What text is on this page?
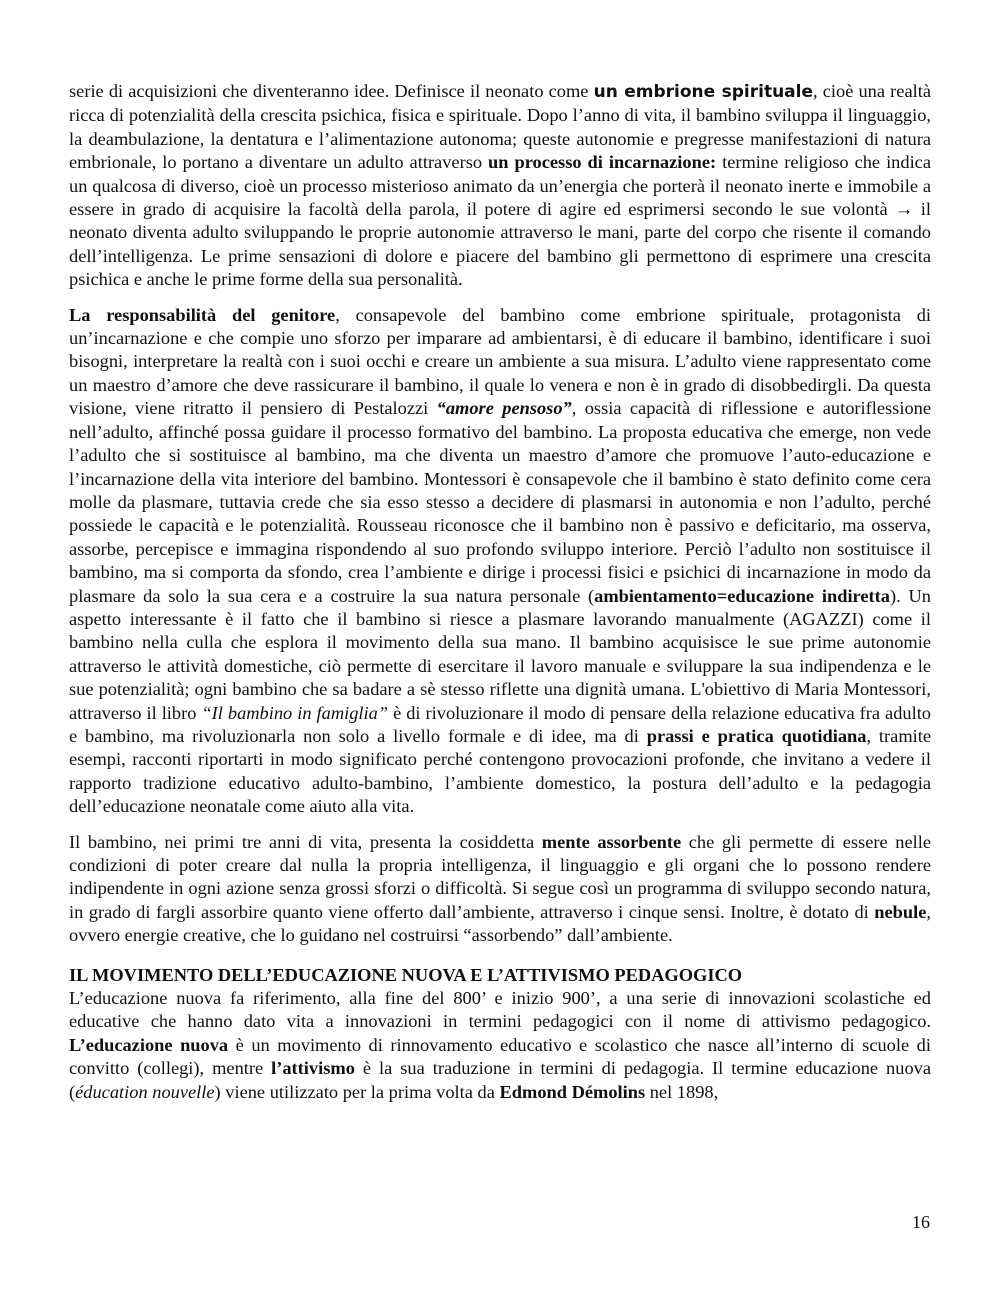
serie di acquisizioni che diventeranno idee. Definisce il neonato come un embrione spirituale, cioè una realtà ricca di potenzialità della crescita psichica, fisica e spirituale. Dopo l’anno di vita, il bambino sviluppa il linguaggio, la deambulazione, la dentatura e l’alimentazione autonoma; queste autonomie e pregresse manifestazioni di natura embrionale, lo portano a diventare un adulto attraverso un processo di incarnazione: termine religioso che indica un qualcosa di diverso, cioè un processo misterioso animato da un’energia che porterà il neonato inerte e immobile a essere in grado di acquisire la facoltà della parola, il potere di agire ed esprimersi secondo le sue volontà → il neonato diventa adulto sviluppando le proprie autonomie attraverso le mani, parte del corpo che risente il comando dell’intelligenza. Le prime sensazioni di dolore e piacere del bambino gli permettono di esprimere una crescita psichica e anche le prime forme della sua personalità.

La responsabilità del genitore, consapevole del bambino come embrione spirituale, protagonista di un’incarnazione e che compie uno sforzo per imparare ad ambientarsi, è di educare il bambino, identificare i suoi bisogni, interpretare la realtà con i suoi occhi e creare un ambiente a sua misura. L’adulto viene rappresentato come un maestro d’amore che deve rassicurare il bambino, il quale lo venera e non è in grado di disobbedirgli. Da questa visione, viene ritratto il pensiero di Pestalozzi “amore pensoso”, ossia capacità di riflessione e autoriflessione nell’adulto, affinché possa guidare il processo formativo del bambino. La proposta educativa che emerge, non vede l’adulto che si sostituisce al bambino, ma che diventa un maestro d’amore che promuove l’auto-educazione e l’incarnazione della vita interiore del bambino. Montessori è consapevole che il bambino è stato definito come cera molle da plasmare, tuttavia crede che sia esso stesso a decidere di plasmarsi in autonomia e non l’adulto, perché possiede le capacità e le potenzialità. Rousseau riconosce che il bambino non è passivo e deficitario, ma osserva, assorbe, percepisce e immagina rispondendo al suo profondo sviluppo interiore. Perciò l’adulto non sostituisce il bambino, ma si comporta da sfondo, crea l’ambiente e dirige i processi fisici e psichici di incarnazione in modo da plasmare da solo la sua cera e a costruire la sua natura personale (ambientamento=educazione indiretta). Un aspetto interessante è il fatto che il bambino si riesce a plasmare lavorando manualmente (AGAZZI) come il bambino nella culla che esplora il movimento della sua mano. Il bambino acquisisce le sue prime autonomie attraverso le attività domestiche, ciò permette di esercitare il lavoro manuale e sviluppare la sua indipendenza e le sue potenzialità; ogni bambino che sa badare a sè stesso riflette una dignità umana. L'obiettivo di Maria Montessori, attraverso il libro “Il bambino in famiglia” è di rivoluzionare il modo di pensare della relazione educativa fra adulto e bambino, ma rivoluzionarla non solo a livello formale e di idee, ma di prassi e pratica quotidiana, tramite esempi, racconti riportarti in modo significato perché contengono provocazioni profonde, che invitano a vedere il rapporto tradizione educativo adulto-bambino, l’ambiente domestico, la postura dell’adulto e la pedagogia dell’educazione neonatale come aiuto alla vita.

Il bambino, nei primi tre anni di vita, presenta la cosiddetta mente assorbente che gli permette di essere nelle condizioni di poter creare dal nulla la propria intelligenza, il linguaggio e gli organi che lo possono rendere indipendente in ogni azione senza grossi sforzi o difficoltà. Si segue così un programma di sviluppo secondo natura, in grado di fargli assorbire quanto viene offerto dall’ambiente, attraverso i cinque sensi. Inoltre, è dotato di nebule, ovvero energie creative, che lo guidano nel costruirsi “assorbendo” dall’ambiente.

IL MOVIMENTO DELL’EDUCAZIONE NUOVA E L’ATTIVISMO PEDAGOGICO

L’educazione nuova fa riferimento, alla fine del 800’ e inizio 900’, a una serie di innovazioni scolastiche ed educative che hanno dato vita a innovazioni in termini pedagogici con il nome di attivismo pedagogico. L’educazione nuova è un movimento di rinnovamento educativo e scolastico che nasce all’interno di scuole di convitto (collegi), mentre l’attivismo è la sua traduzione in termini di pedagogia. Il termine educazione nuova (éducation nouvelle) viene utilizzato per la prima volta da Edmond Démolins nel 1898,

16
